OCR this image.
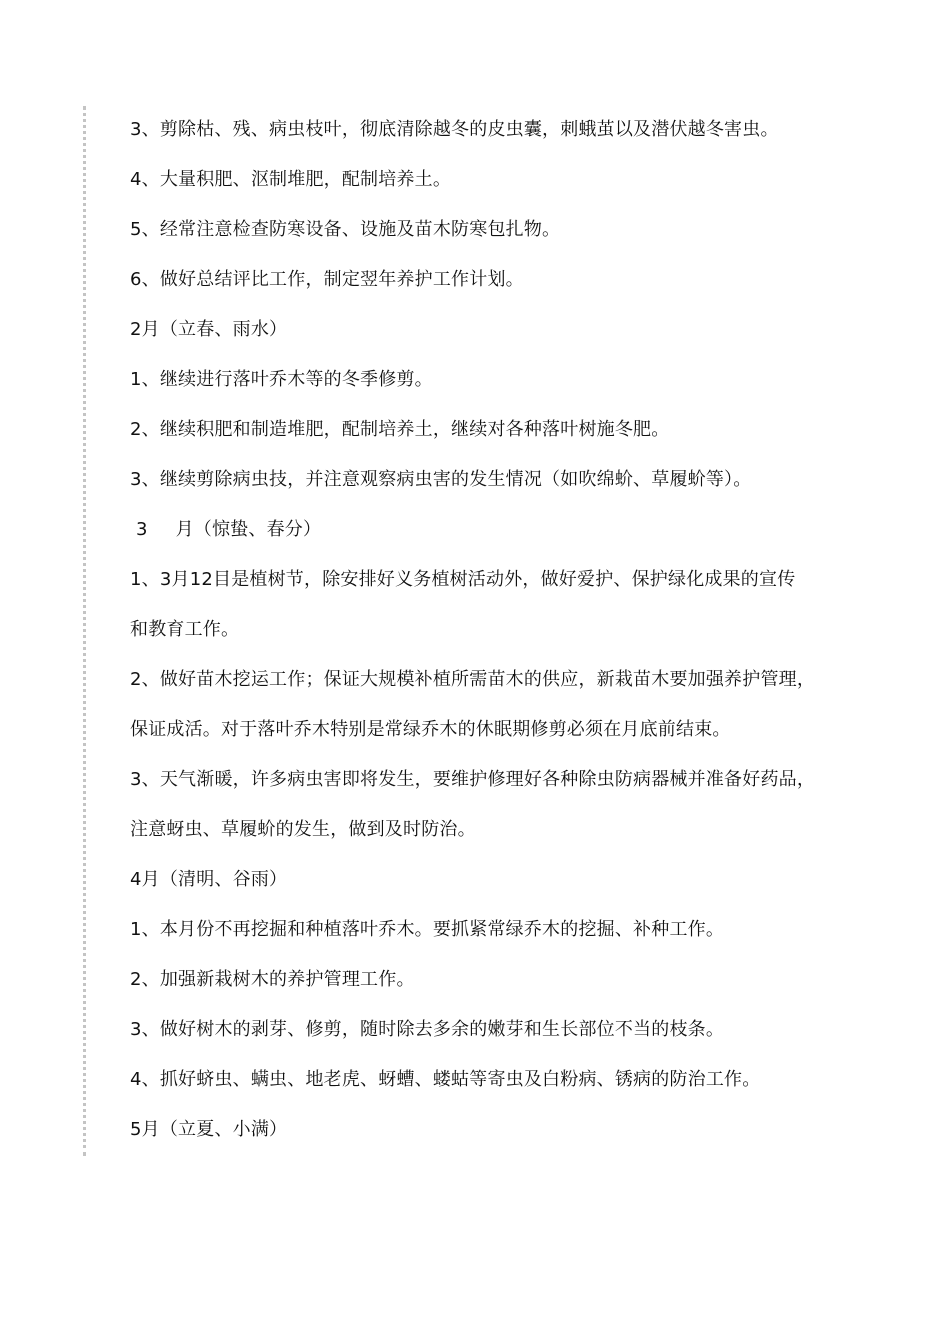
3、剪除枯、残、病虫枝叶，彻底清除越冬的皮虫囊，刺蛾茧以及潜伏越冬害虫。
4、大量积肥、沤制堆肥，配制培养土。
5、经常注意检查防寒设备、设施及苗木防寒包扎物。
6、做好总结评比工作，制定翌年养护工作计划。
2月（立春、雨水）
1、继续进行落叶乔木等的冬季修剪。
2、继续积肥和制造堆肥，配制培养土，继续对各种落叶树施冬肥。
3、继续剪除病虫技，并注意观察病虫害的发生情况（如吹绵蚧、草履蚧等）。
3 月（惊蛰、春分）
1、3月12目是植树节，除安排好义务植树活动外，做好爱护、保护绿化成果的宣传
和教育工作。
2、做好苗木挖运工作；保证大规模补植所需苗木的供应，新栽苗木要加强养护管理，
保证成活。对于落叶乔木特别是常绿乔木的休眠期修剪必须在月底前结束。
3、天气渐暖，许多病虫害即将发生，要维护修理好各种除虫防病器械并准备好药品，
注意蚜虫、草履蚧的发生，做到及时防治。
4月（清明、谷雨）
1、本月份不再挖掘和种植落叶乔木。要抓紧常绿乔木的挖掘、补种工作。
2、加强新栽树木的养护管理工作。
3、做好树木的剥芽、修剪，随时除去多余的嫩芽和生长部位不当的枝条。
4、抓好蛴虫、螨虫、地老虎、蚜螬、蝼蛄等寄虫及白粉病、锈病的防治工作。
5月（立夏、小满）
